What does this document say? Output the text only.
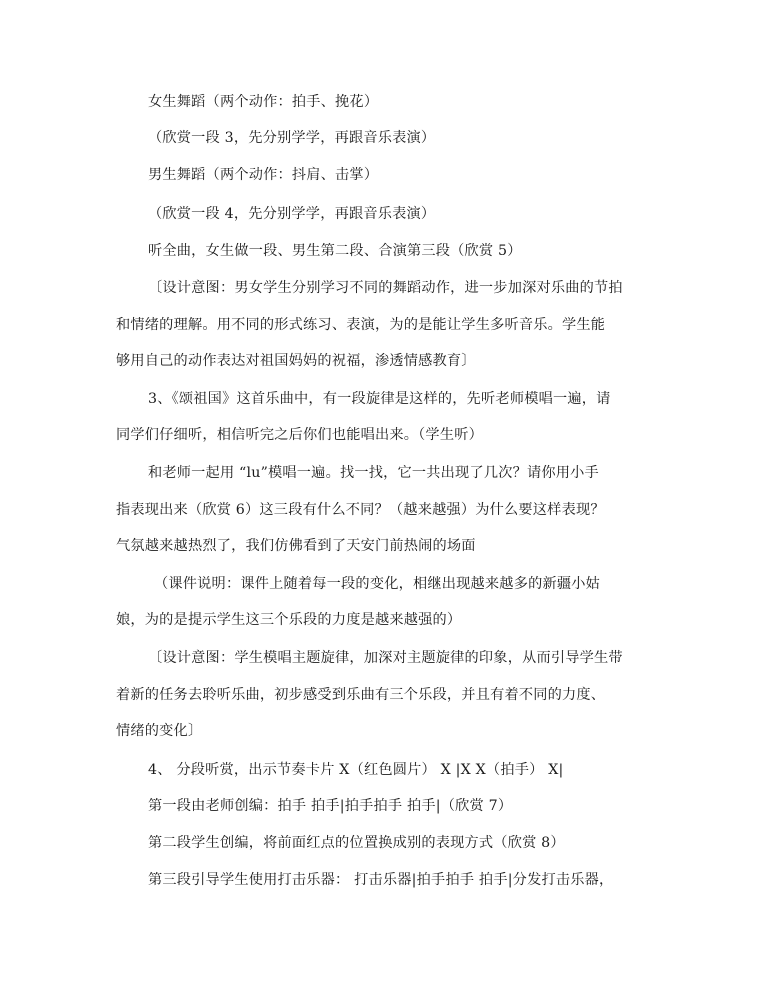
女生舞蹈（两个动作：拍手、挽花）
（欣赏一段 3，先分别学学，再跟音乐表演）
男生舞蹈（两个动作：抖肩、击掌）
（欣赏一段 4，先分别学学，再跟音乐表演）
听全曲，女生做一段、男生第二段、合演第三段（欣赏 5）
〔设计意图：男女学生分别学习不同的舞蹈动作，进一步加深对乐曲的节拍
和情绪的理解。用不同的形式练习、表演，为的是能让学生多听音乐。学生能
够用自己的动作表达对祖国妈妈的祝福，渗透情感教育〕
3、《颂祖国》这首乐曲中，有一段旋律是这样的，先听老师模唱一遍，请
同学们仔细听，相信听完之后你们也能唱出来。（学生听）
和老师一起用 “lu”模唱一遍。找一找，它一共出现了几次？请你用小手
指表现出来（欣赏 6）这三段有什么不同？（越来越强）为什么要这样表现？
气氛越来越热烈了，我们仿佛看到了天安门前热闹的场面
（课件说明：课件上随着每一段的变化，相继出现越来越多的新疆小姑
娘，为的是提示学生这三个乐段的力度是越来越强的）
〔设计意图：学生模唱主题旋律，加深对主题旋律的印象，从而引导学生带
着新的任务去聆听乐曲，初步感受到乐曲有三个乐段，并且有着不同的力度、
情绪的变化〕
4、 分段听赏，出示节奏卡片 X（红色圆片） X |X X（拍手） X|
第一段由老师创编：拍手 拍手|拍手拍手 拍手|（欣赏 7）
第二段学生创编，将前面红点的位置换成别的表现方式（欣赏 8）
第三段引导学生使用打击乐器： 打击乐器|拍手拍手 拍手|分发打击乐器，
